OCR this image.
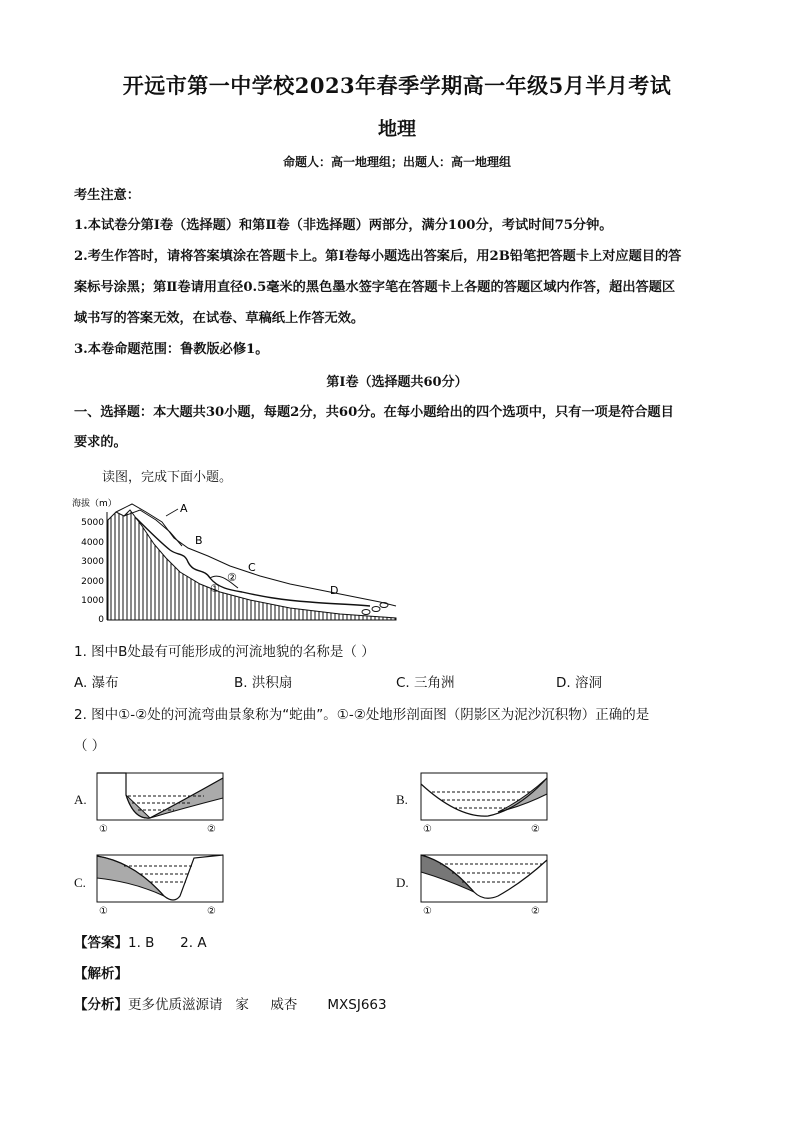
开远市第一中学校2023年春季学期高一年级5月半月考试
地理
命题人：高一地理组；出题人：高一地理组
考生注意：
1.本试卷分第Ⅰ卷（选择题）和第Ⅱ卷（非选择题）两部分，满分100分，考试时间75分钟。
2.考生作答时，请将答案填涂在答题卡上。第Ⅰ卷每小题选出答案后，用2B铅笔把答题卡上对应题目的答
案标号涂黑；第Ⅱ卷请用直径0.5毫米的黑色墨水签字笔在答题卡上各题的答题区域内作答，超出答题区
域书写的答案无效，在试卷、草稿纸上作答无效。
3.本卷命题范围：鲁教版必修1。
第Ⅰ卷（选择题共60分）
一、选择题：本大题共30小题，每题2分，共60分。在每小题给出的四个选项中，只有一项是符合题目
要求的。
读图，完成下面小题。
海拔（m）
5000
4000
3000
2000
1000
0
A
B
C
D
②
①
1. 图中B处最有可能形成的河流地貌的名称是（ ）
A. 瀑布	B. 洪积扇	C. 三角洲	D. 溶洞
2. 图中①-②处的河流弯曲景象称为“蛇曲”。①-②处地形剖面图（阴影区为泥沙沉积物）正确的是
（ ）
A.
①	②
B.
①	②
C.
①	②
D.
①	②
【答案】1. B      2. A
【解析】
【分析】更多优质滋源请   家     威杏       MXSJ663
